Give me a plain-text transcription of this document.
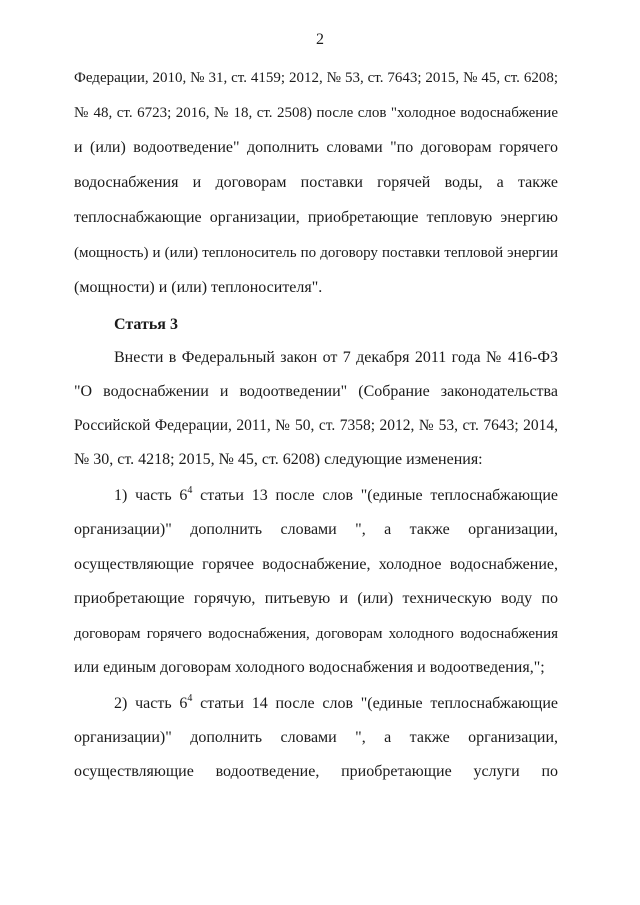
2
Федерации, 2010, № 31, ст. 4159; 2012, № 53, ст. 7643; 2015, № 45, ст. 6208;
№ 48, ст. 6723; 2016, № 18, ст. 2508) после слов "холодное водоснабжение
и (или) водоотведение" дополнить словами "по договорам горячего
водоснабжения и договорам поставки горячей воды, а также
теплоснабжающие организации, приобретающие тепловую энергию
(мощность) и (или) теплоноситель по договору поставки тепловой энергии
(мощности) и (или) теплоносителя".
Статья 3
Внести в Федеральный закон от 7 декабря 2011 года № 416-ФЗ
"О водоснабжении и водоотведении" (Собрание законодательства
Российской Федерации, 2011, № 50, ст. 7358; 2012, № 53, ст. 7643; 2014,
№ 30, ст. 4218; 2015, № 45, ст. 6208) следующие изменения:
1) часть $6^4$ статьи 13 после слов "(единые теплоснабжающие
организации)" дополнить словами ", а также организации,
осуществляющие горячее водоснабжение, холодное водоснабжение,
приобретающие горячую, питьевую и (или) техническую воду по
договорам горячего водоснабжения, договорам холодного водоснабжения
или единым договорам холодного водоснабжения и водоотведения,";
2) часть $6^4$ статьи 14 после слов "(единые теплоснабжающие
организации)" дополнить словами ", а также организации,
осуществляющие водоотведение, приобретающие услуги по
